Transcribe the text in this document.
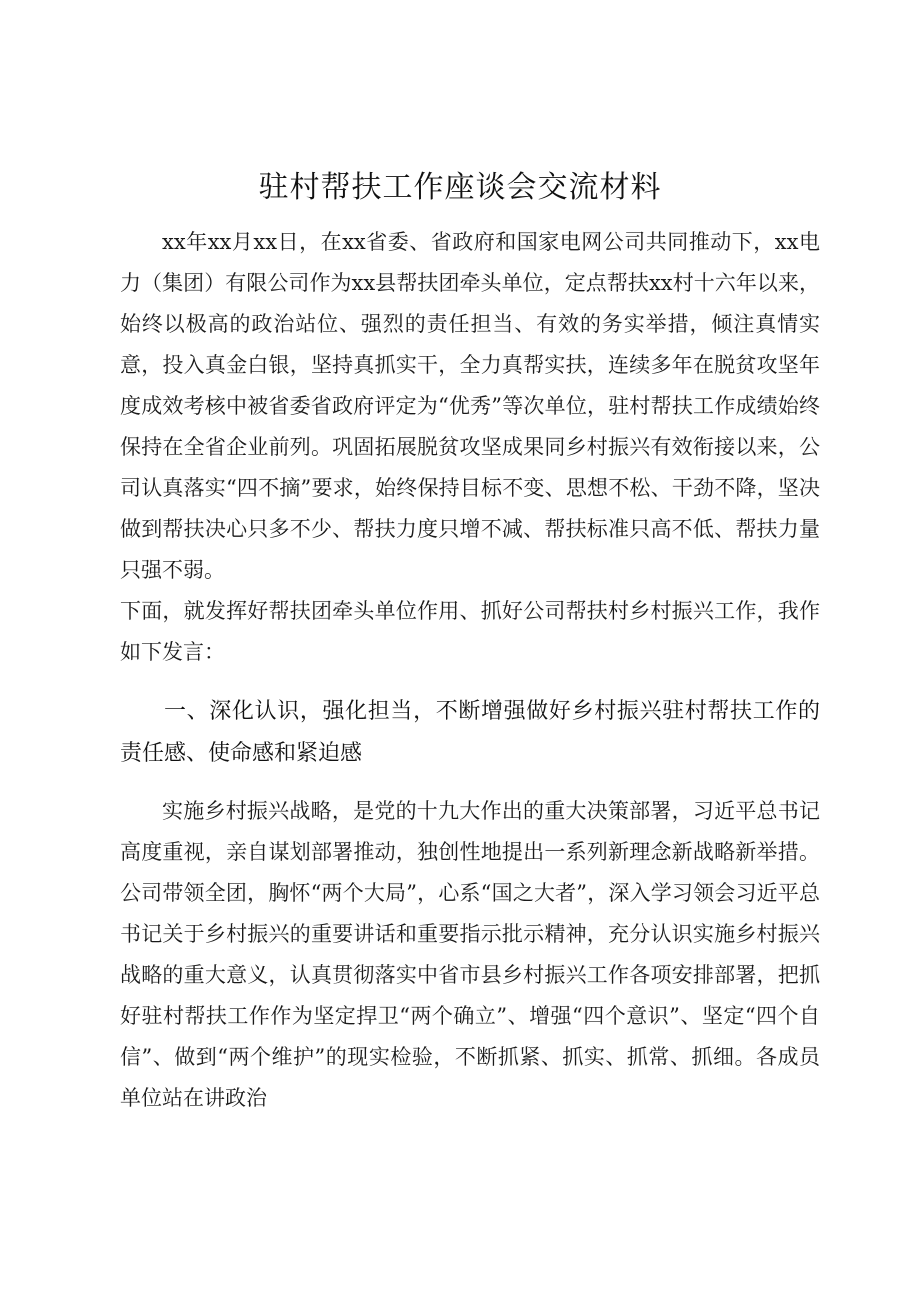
驻村帮扶工作座谈会交流材料

xx年xx月xx日，在xx省委、省政府和国家电网公司共同推动下，xx电力（集团）有限公司作为xx县帮扶团牵头单位，定点帮扶xx村十六年以来，始终以极高的政治站位、强烈的责任担当、有效的务实举措，倾注真情实意，投入真金白银，坚持真抓实干，全力真帮实扶，连续多年在脱贫攻坚年度成效考核中被省委省政府评定为“优秀”等次单位，驻村帮扶工作成绩始终保持在全省企业前列。巩固拓展脱贫攻坚成果同乡村振兴有效衔接以来，公司认真落实“四不摘”要求，始终保持目标不变、思想不松、干劲不降，坚决做到帮扶决心只多不少、帮扶力度只增不减、帮扶标准只高不低、帮扶力量只强不弱。

下面，就发挥好帮扶团牵头单位作用、抓好公司帮扶村乡村振兴工作，我作如下发言：

一、深化认识，强化担当，不断增强做好乡村振兴驻村帮扶工作的责任感、使命感和紧迫感

实施乡村振兴战略，是党的十九大作出的重大决策部署，习近平总书记高度重视，亲自谋划部署推动，独创性地提出一系列新理念新战略新举措。公司带领全团，胸怀“两个大局”，心系“国之大者”，深入学习领会习近平总书记关于乡村振兴的重要讲话和重要指示批示精神，充分认识实施乡村振兴战略的重大意义，认真贯彻落实中省市县乡村振兴工作各项安排部署，把抓好驻村帮扶工作作为坚定捍卫“两个确立”、增强“四个意识”、坚定“四个自信”、做到“两个维护”的现实检验，不断抓紧、抓实、抓常、抓细。各成员单位站在讲政治
